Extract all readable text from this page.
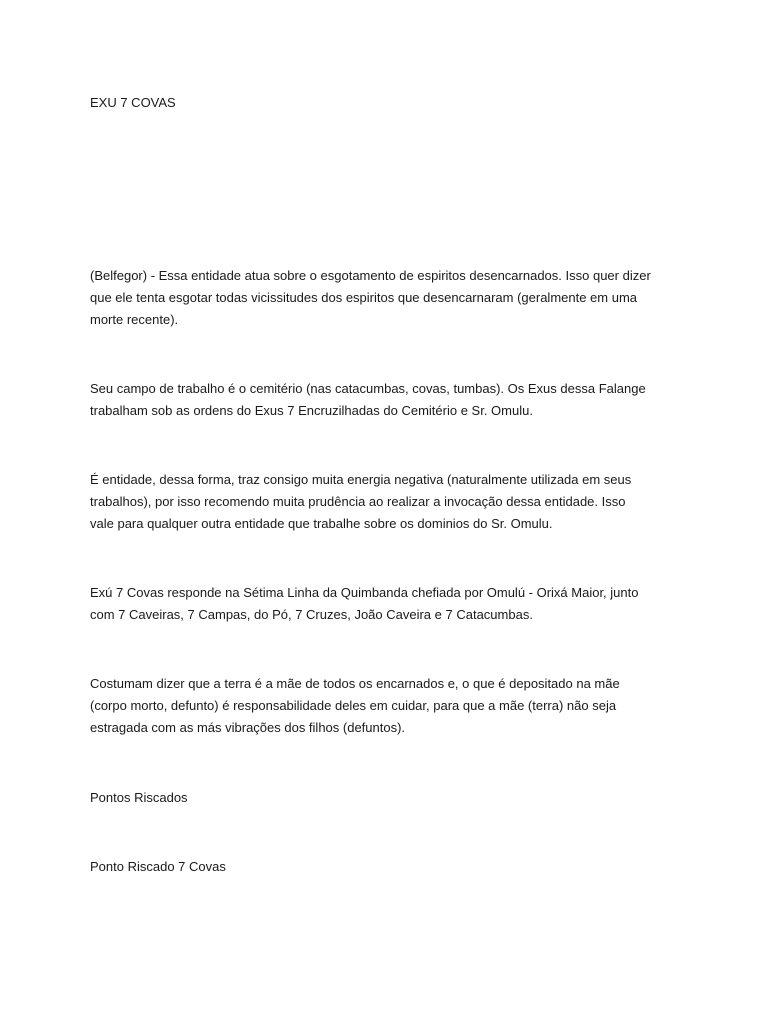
EXU 7 COVAS

(Belfegor) - Essa entidade atua sobre o esgotamento de espiritos desencarnados. Isso quer dizer
que ele tenta esgotar todas vicissitudes dos espiritos que desencarnaram (geralmente em uma
morte recente).

Seu campo de trabalho é o cemitério (nas catacumbas, covas, tumbas). Os Exus dessa Falange
trabalham sob as ordens do Exus 7 Encruzilhadas do Cemitério e Sr. Omulu.

É entidade, dessa forma, traz consigo muita energia negativa (naturalmente utilizada em seus
trabalhos), por isso recomendo muita prudência ao realizar a invocação dessa entidade. Isso
vale para qualquer outra entidade que trabalhe sobre os dominios do Sr. Omulu.

Exú 7 Covas responde na Sétima Linha da Quimbanda chefiada por Omulú - Orixá Maior, junto
com 7 Caveiras, 7 Campas, do Pó, 7 Cruzes, João Caveira e 7 Catacumbas.

Costumam dizer que a terra é a mãe de todos os encarnados e, o que é depositado na mãe
(corpo morto, defunto) é responsabilidade deles em cuidar, para que a mãe (terra) não seja
estragada com as más vibrações dos filhos (defuntos).

Pontos Riscados

Ponto Riscado 7 Covas
